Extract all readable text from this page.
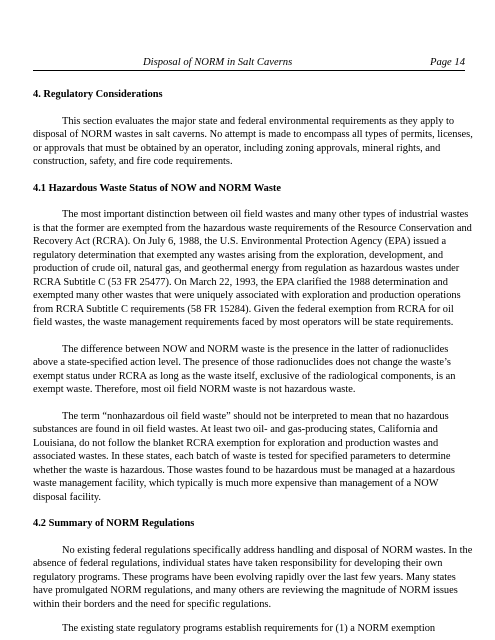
Disposal of NORM in Salt Caverns	Page 14
4. Regulatory Considerations

This section evaluates the major state and federal environmental requirements as they apply to disposal of NORM wastes in salt caverns. No attempt is made to encompass all types of permits, licenses, or approvals that must be obtained by an operator, including zoning approvals, mineral rights, and construction, safety, and fire code requirements.

4.1 Hazardous Waste Status of NOW and NORM Waste

The most important distinction between oil field wastes and many other types of industrial wastes is that the former are exempted from the hazardous waste requirements of the Resource Conservation and Recovery Act (RCRA). On July 6, 1988, the U.S. Environmental Protection Agency (EPA) issued a regulatory determination that exempted any wastes arising from the exploration, development, and production of crude oil, natural gas, and geothermal energy from regulation as hazardous wastes under RCRA Subtitle C (53 FR 25477). On March 22, 1993, the EPA clarified the 1988 determination and exempted many other wastes that were uniquely associated with exploration and production operations from RCRA Subtitle C requirements (58 FR 15284). Given the federal exemption from RCRA for oil field wastes, the waste management requirements faced by most operators will be state requirements.

The difference between NOW and NORM waste is the presence in the latter of radionuclides above a state-specified action level. The presence of those radionuclides does not change the waste’s exempt status under RCRA as long as the waste itself, exclusive of the radiological components, is an exempt waste. Therefore, most oil field NORM waste is not hazardous waste.

The term “nonhazardous oil field waste” should not be interpreted to mean that no hazardous substances are found in oil field wastes. At least two oil- and gas-producing states, California and Louisiana, do not follow the blanket RCRA exemption for exploration and production wastes and associated wastes. In these states, each batch of waste is tested for specified parameters to determine whether the waste is hazardous. Those wastes found to be hazardous must be managed at a hazardous waste management facility, which typically is much more expensive than management of a NOW disposal facility.

4.2 Summary of NORM Regulations

No existing federal regulations specifically address handling and disposal of NORM wastes. In the absence of federal regulations, individual states have taken responsibility for developing their own regulatory programs. These programs have been evolving rapidly over the last few years. Many states have promulgated NORM regulations, and many others are reviewing the magnitude of NORM issues within their borders and the need for specific regulations.

The existing state regulatory programs establish requirements for (1) a NORM exemption
